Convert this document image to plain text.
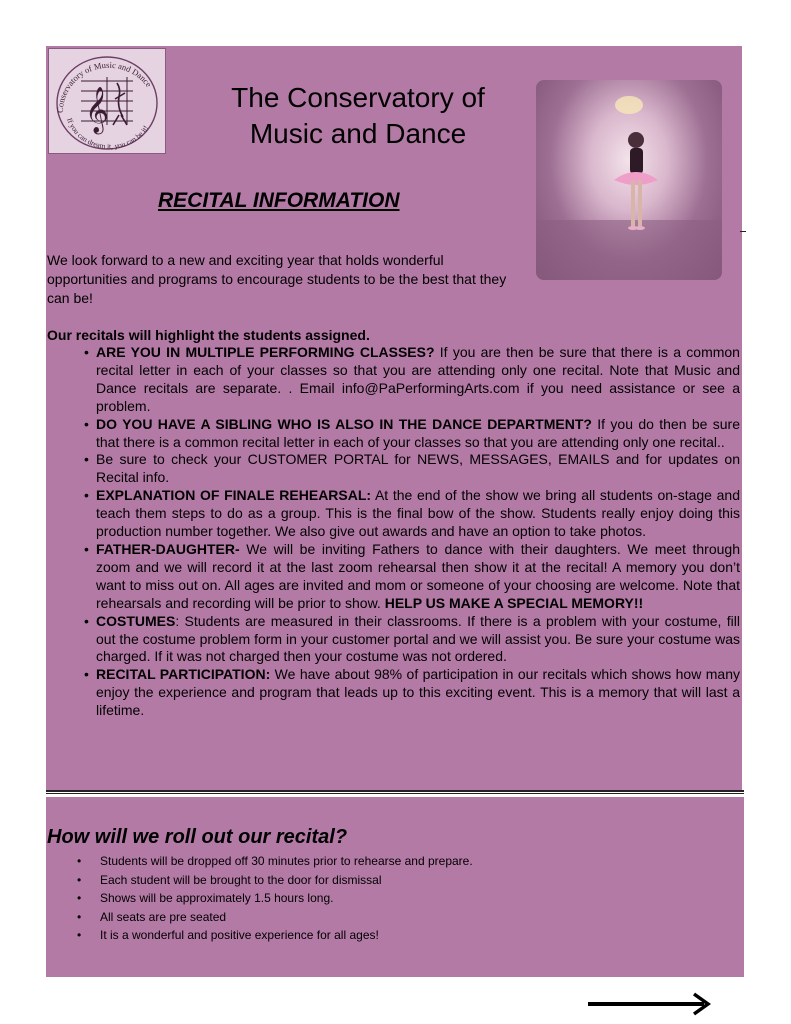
Conservatory of Music and Dance
If you can dream it, you can be it!
𝄞	The Conservatory of
Music and Dance
RECITAL INFORMATION
We look forward to a new and exciting year that holds wonderful opportunities and programs to encourage students to be the best that they can be!
Our recitals will highlight the students assigned.
• ARE YOU IN MULTIPLE PERFORMING CLASSES? If you are then be sure that there is a common recital letter in each of your classes so that you are attending only one recital. Note that Music and Dance recitals are separate. . Email info@PaPerformingArts.com if you need assistance or see a problem.
• DO YOU HAVE A SIBLING WHO IS ALSO IN THE DANCE DEPARTMENT? If you do then be sure that there is a common recital letter in each of your classes so that you are attending only one recital..
• Be sure to check your CUSTOMER PORTAL for NEWS, MESSAGES, EMAILS and for updates on Recital info.
• EXPLANATION OF FINALE REHEARSAL: At the end of the show we bring all students on-stage and teach them steps to do as a group. This is the final bow of the show. Students really enjoy doing this production number together. We also give out awards and have an option to take photos.
• FATHER-DAUGHTER- We will be inviting Fathers to dance with their daughters. We meet through zoom and we will record it at the last zoom rehearsal then show it at the recital! A memory you don’t want to miss out on. All ages are invited and mom or someone of your choosing are welcome. Note that rehearsals and recording will be prior to show. HELP US MAKE A SPECIAL MEMORY!!
• COSTUMES: Students are measured in their classrooms. If there is a problem with your costume, fill out the costume problem form in your customer portal and we will assist you. Be sure your costume was charged. If it was not charged then your costume was not ordered.
• RECITAL PARTICIPATION: We have about 98% of participation in our recitals which shows how many enjoy the experience and program that leads up to this exciting event. This is a memory that will last a lifetime.
How will we roll out our recital?
• Students will be dropped off 30 minutes prior to rehearse and prepare.
• Each student will be brought to the door for dismissal
• Shows will be approximately 1.5 hours long.
• All seats are pre seated
• It is a wonderful and positive experience for all ages!
